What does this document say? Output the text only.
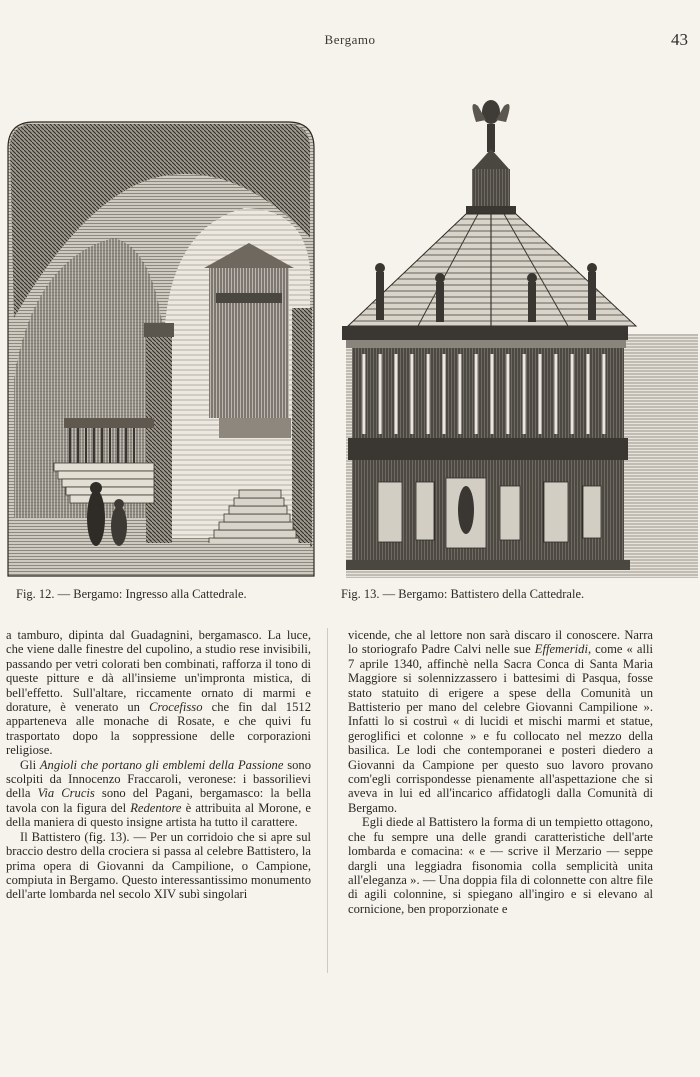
Bergamo	43
Fig. 12. — Bergamo: Ingresso alla Cattedrale.	Fig. 13. — Bergamo: Battistero della Cattedrale.

a tamburo, dipinta dal Guadagnini, bergamasco. La luce, che viene dalle finestre del cupolino, a studio rese invisibili, passando per vetri colorati ben combinati, rafforza il tono di queste pitture e dà all'insieme un'impronta mistica, di bell'effetto. Sull'altare, riccamente ornato di marmi e dorature, è venerato un Crocefisso che fin dal 1512 apparteneva alle monache di Rosate, e che quivi fu trasportato dopo la soppressione delle corporazioni religiose.

Gli Angioli che portano gli emblemi della Passione sono scolpiti da Innocenzo Fraccaroli, veronese: i bassorilievi della Via Crucis sono del Pagani, bergamasco: la bella tavola con la figura del Redentore è attribuita al Morone, e della maniera di questo insigne artista ha tutto il carattere.

Il Battistero (fig. 13). — Per un corridoio che si apre sul braccio destro della crociera si passa al celebre Battistero, la prima opera di Giovanni da Campilione, o Campione, compiuta in Bergamo. Questo interessantissimo monumento dell'arte lombarda nel secolo XIV subì singolari

vicende, che al lettore non sarà discaro il conoscere. Narra lo storiografo Padre Calvi nelle sue Effemeridi, come « alli 7 aprile 1340, affinchè nella Sacra Conca di Santa Maria Maggiore si solennizzassero i battesimi di Pasqua, fosse stato statuito di erigere a spese della Comunità un Battisterio per mano del celebre Giovanni Campilione ». Infatti lo si costruì « di lucidi et mischi marmi et statue, geroglifici et colonne » e fu collocato nel mezzo della basilica. Le lodi che contemporanei e posteri diedero a Giovanni da Campione per questo suo lavoro provano com'egli corrispondesse pienamente all'aspettazione che si aveva in lui ed all'incarico affidatogli dalla Comunità di Bergamo.

Egli diede al Battistero la forma di un tempietto ottagono, che fu sempre una delle grandi caratteristiche dell'arte lombarda e comacina: « e — scrive il Merzario — seppe dargli una leggiadra fisonomia colla semplicità unita all'eleganza ». — Una doppia fila di colonnette con altre file di agili colonnine, si spiegano all'ingiro e si elevano al cornicione, ben proporzionate e
